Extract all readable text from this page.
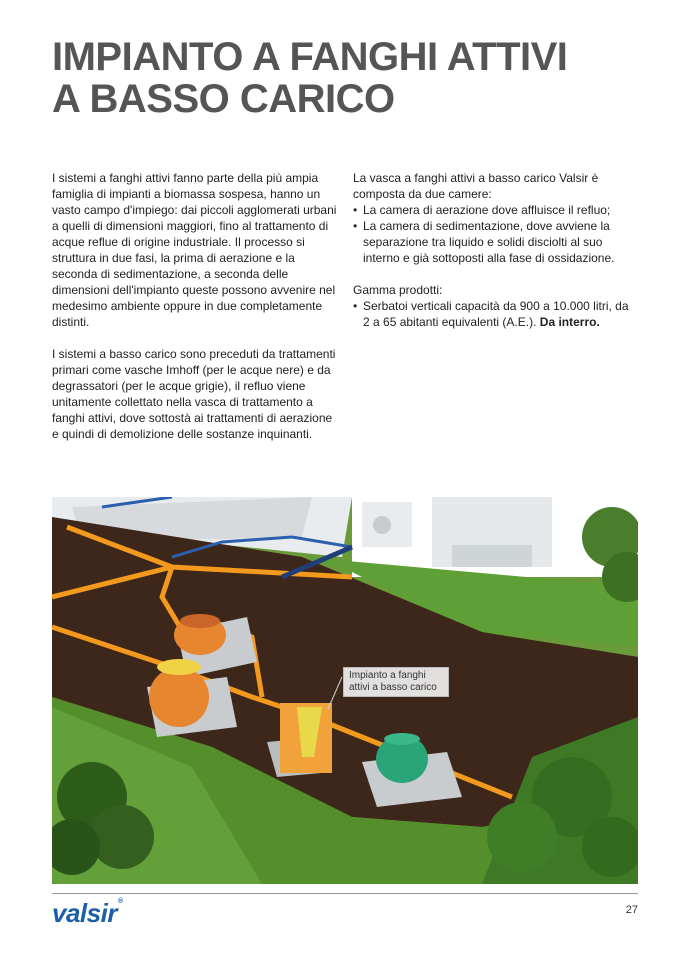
IMPIANTO A FANGHI ATTIVI
A BASSO CARICO

I sistemi a fanghi attivi fanno parte della più ampia famiglia di impianti a biomassa sospesa, hanno un vasto campo d'impiego: dai piccoli agglomerati urbani a quelli di dimensioni maggiori, fino al trattamento di acque reflue di origine industriale. Il processo si struttura in due fasi, la prima di aerazione e la seconda di sedimentazione, a seconda delle dimensioni dell'impianto queste possono avvenire nel medesimo ambiente oppure in due completamente distinti.

I sistemi a basso carico sono preceduti da trattamenti primari come vasche Imhoff (per le acque nere) e da degrassatori (per le acque grigie), il refluo viene unitamente collettato nella vasca di trattamento a fanghi attivi, dove sottostà ai trattamenti di aerazione e quindi di demolizione delle sostanze inquinanti.

La vasca a fanghi attivi a basso carico Valsir è composta da due camere:
• La camera di aerazione dove affluisce il refluo;
• La camera di sedimentazione, dove avviene la separazione tra liquido e solidi disciolti al suo interno e già sottoposti alla fase di ossidazione.
Gamma prodotti:
• Serbatoi verticali capacità da 900 a 10.000 litri, da 2 a 65 abitanti equivalenti (A.E.). Da interro.
Impianto a fanghi attivi a basso carico
valsir®
27
